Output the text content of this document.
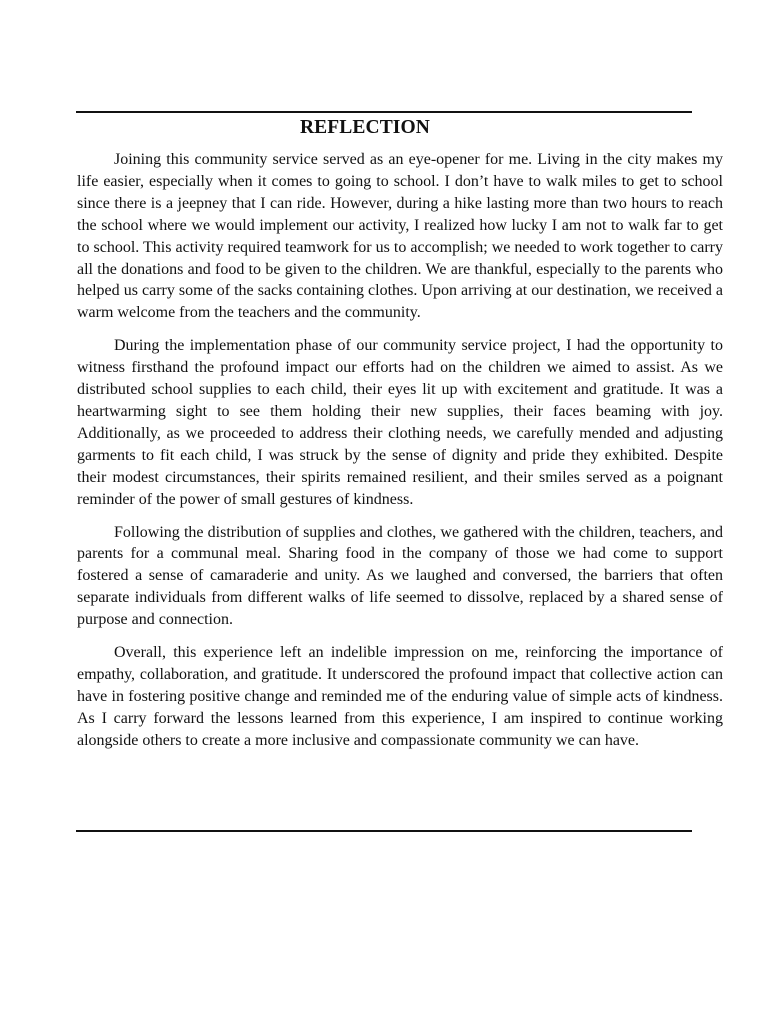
REFLECTION

Joining this community service served as an eye-opener for me. Living in the city makes my life easier, especially when it comes to going to school. I don’t have to walk miles to get to school since there is a jeepney that I can ride. However, during a hike lasting more than two hours to reach the school where we would implement our activity, I realized how lucky I am not to walk far to get to school. This activity required teamwork for us to accomplish; we needed to work together to carry all the donations and food to be given to the children. We are thankful, especially to the parents who helped us carry some of the sacks containing clothes. Upon arriving at our destination, we received a warm welcome from the teachers and the community.

During the implementation phase of our community service project, I had the opportunity to witness firsthand the profound impact our efforts had on the children we aimed to assist. As we distributed school supplies to each child, their eyes lit up with excitement and gratitude. It was a heartwarming sight to see them holding their new supplies, their faces beaming with joy. Additionally, as we proceeded to address their clothing needs, we carefully mended and adjusting garments to fit each child, I was struck by the sense of dignity and pride they exhibited. Despite their modest circumstances, their spirits remained resilient, and their smiles served as a poignant reminder of the power of small gestures of kindness.

Following the distribution of supplies and clothes, we gathered with the children, teachers, and parents for a communal meal. Sharing food in the company of those we had come to support fostered a sense of camaraderie and unity. As we laughed and conversed, the barriers that often separate individuals from different walks of life seemed to dissolve, replaced by a shared sense of purpose and connection.

Overall, this experience left an indelible impression on me, reinforcing the importance of empathy, collaboration, and gratitude. It underscored the profound impact that collective action can have in fostering positive change and reminded me of the enduring value of simple acts of kindness. As I carry forward the lessons learned from this experience, I am inspired to continue working alongside others to create a more inclusive and compassionate community we can have.
